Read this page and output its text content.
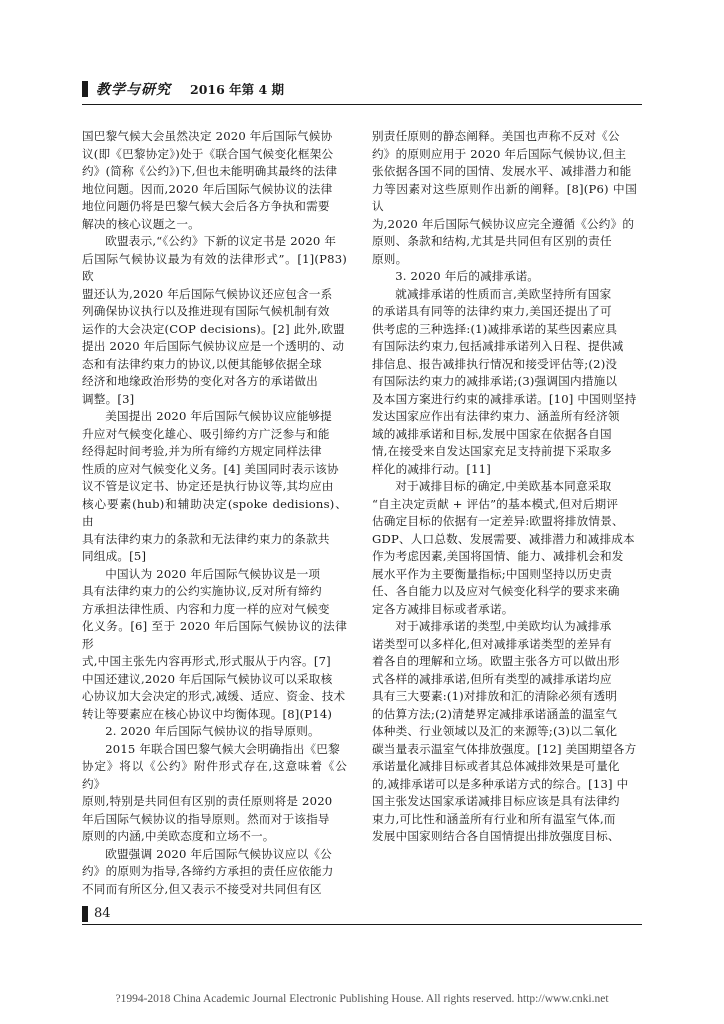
教学与研究 2016 年第 4 期

国巴黎气候大会虽然决定 2020 年后国际气候协
议(即《巴黎协定》)处于《联合国气候变化框架公
约》(简称《公约》)下,但也未能明确其最终的法律
地位问题。因而,2020 年后国际气候协议的法律
地位问题仍将是巴黎气候大会后各方争执和需要
解决的核心议题之一。

欧盟表示,“《公约》下新的议定书是 2020 年
后国际气候协议最为有效的法律形式”。[1](P83) 欧
盟还认为,2020 年后国际气候协议还应包含一系
列确保协议执行以及推进现有国际气候机制有效
运作的大会决定(COP decisions)。[2] 此外,欧盟
提出 2020 年后国际气候协议应是一个透明的、动
态和有法律约束力的协议,以便其能够依据全球
经济和地缘政治形势的变化对各方的承诺做出
调整。[3]

美国提出 2020 年后国际气候协议应能够提
升应对气候变化雄心、吸引缔约方广泛参与和能
经得起时间考验,并为所有缔约方规定同样法律
性质的应对气候变化义务。[4] 美国同时表示该协
议不管是议定书、协定还是执行协议等,其均应由
核心要素(hub)和辅助决定(spoke dedisions)、由
具有法律约束力的条款和无法律约束力的条款共
同组成。[5]

中国认为 2020 年后国际气候协议是一项
具有法律约束力的公约实施协议,反对所有缔约
方承担法律性质、内容和力度一样的应对气候变
化义务。[6] 至于 2020 年后国际气候协议的法律形
式,中国主张先内容再形式,形式服从于内容。[7]
中国还建议,2020 年后国际气候协议可以采取核
心协议加大会决定的形式,减缓、适应、资金、技术
转让等要素应在核心协议中均衡体现。[8](P14)

2. 2020 年后国际气候协议的指导原则。

2015 年联合国巴黎气候大会明确指出《巴黎
协定》将以《公约》附件形式存在,这意味着《公约》
原则,特别是共同但有区别的责任原则将是 2020
年后国际气候协议的指导原则。然而对于该指导
原则的内涵,中美欧态度和立场不一。

欧盟强调 2020 年后国际气候协议应以《公
约》的原则为指导,各缔约方承担的责任应依能力
不同而有所区分,但又表示不接受对共同但有区

别责任原则的静态阐释。美国也声称不反对《公
约》的原则应用于 2020 年后国际气候协议,但主
张依据各国不同的国情、发展水平、减排潜力和能
力等因素对这些原则作出新的阐释。[8](P6) 中国认
为,2020 年后国际气候协议应完全遵循《公约》的
原则、条款和结构,尤其是共同但有区别的责任
原则。

3. 2020 年后的减排承诺。

就减排承诺的性质而言,美欧坚持所有国家
的承诺具有同等的法律约束力,美国还提出了可
供考虑的三种选择:(1)减排承诺的某些因素应具
有国际法约束力,包括减排承诺列入日程、提供减
排信息、报告减排执行情况和接受评估等;(2)没
有国际法约束力的减排承诺;(3)强调国内措施以
及本国方案进行约束的减排承诺。[10] 中国则坚持
发达国家应作出有法律约束力、涵盖所有经济领
域的减排承诺和目标,发展中国家在依据各自国
情,在接受来自发达国家充足支持前提下采取多
样化的减排行动。[11]

对于减排目标的确定,中美欧基本同意采取
“自主决定贡献 + 评估”的基本模式,但对后期评
估确定目标的依据有一定差异:欧盟将排放情景、
GDP、人口总数、发展需要、减排潜力和减排成本
作为考虑因素,美国将国情、能力、减排机会和发
展水平作为主要衡量指标;中国则坚持以历史责
任、各自能力以及应对气候变化科学的要求来确
定各方减排目标或者承诺。

对于减排承诺的类型,中美欧均认为减排承
诺类型可以多样化,但对减排承诺类型的差异有
着各自的理解和立场。欧盟主张各方可以做出形
式各样的减排承诺,但所有类型的减排承诺均应
具有三大要素:(1)对排放和汇的清除必须有透明
的估算方法;(2)清楚界定减排承诺涵盖的温室气
体种类、行业领域以及汇的来源等;(3)以二氧化
碳当量表示温室气体排放强度。[12] 美国期望各方
承诺量化减排目标或者其总体减排效果是可量化
的,减排承诺可以是多种承诺方式的综合。[13] 中
国主张发达国家承诺减排目标应该是具有法律约
束力,可比性和涵盖所有行业和所有温室气体,而
发展中国家则结合各自国情提出排放强度目标、

84
?1994-2018 China Academic Journal Electronic Publishing House. All rights reserved. http://www.cnki.net
